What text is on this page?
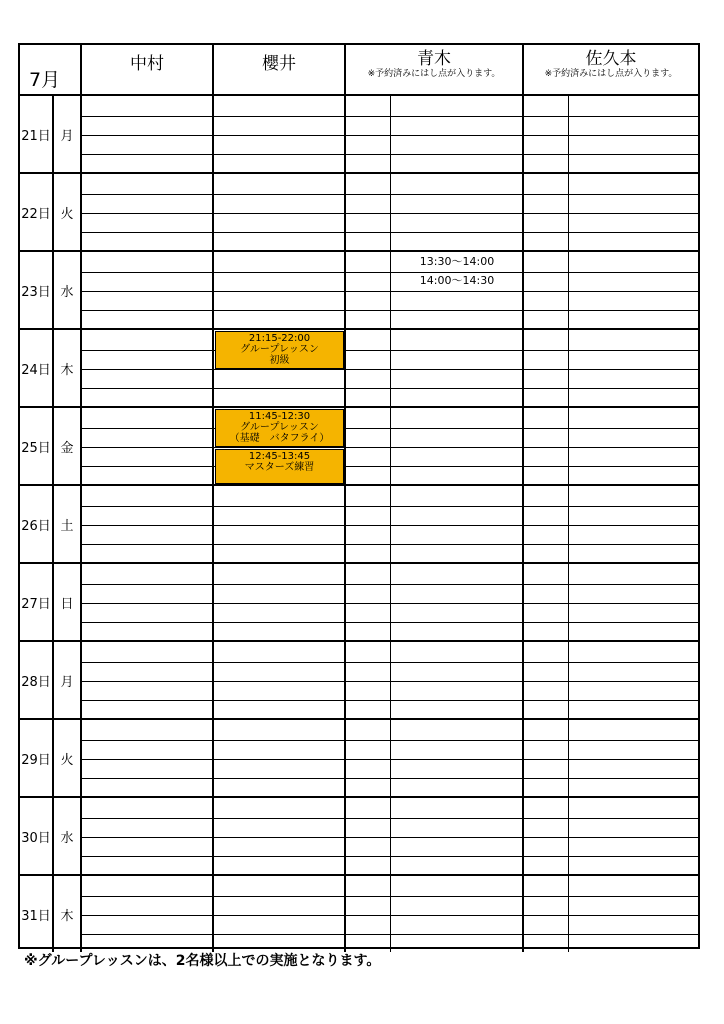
7月
中村	櫻井	青木
※予約済みにはし点が入ります。
佐久本
※予約済みにはし点が入ります。
21日 月
22日 火
23日 水
13:30～14:00
14:00～14:30
24日 木
21:15-22:00
グループレッスン
初級
25日 金
11:45-12:30
グループレッスン
（基礎　バタフライ）
12:45-13:45
マスターズ練習
26日 土
27日 日
28日 月
29日 火
30日 水
31日 木
※グループレッスンは、2名様以上での実施となります。
